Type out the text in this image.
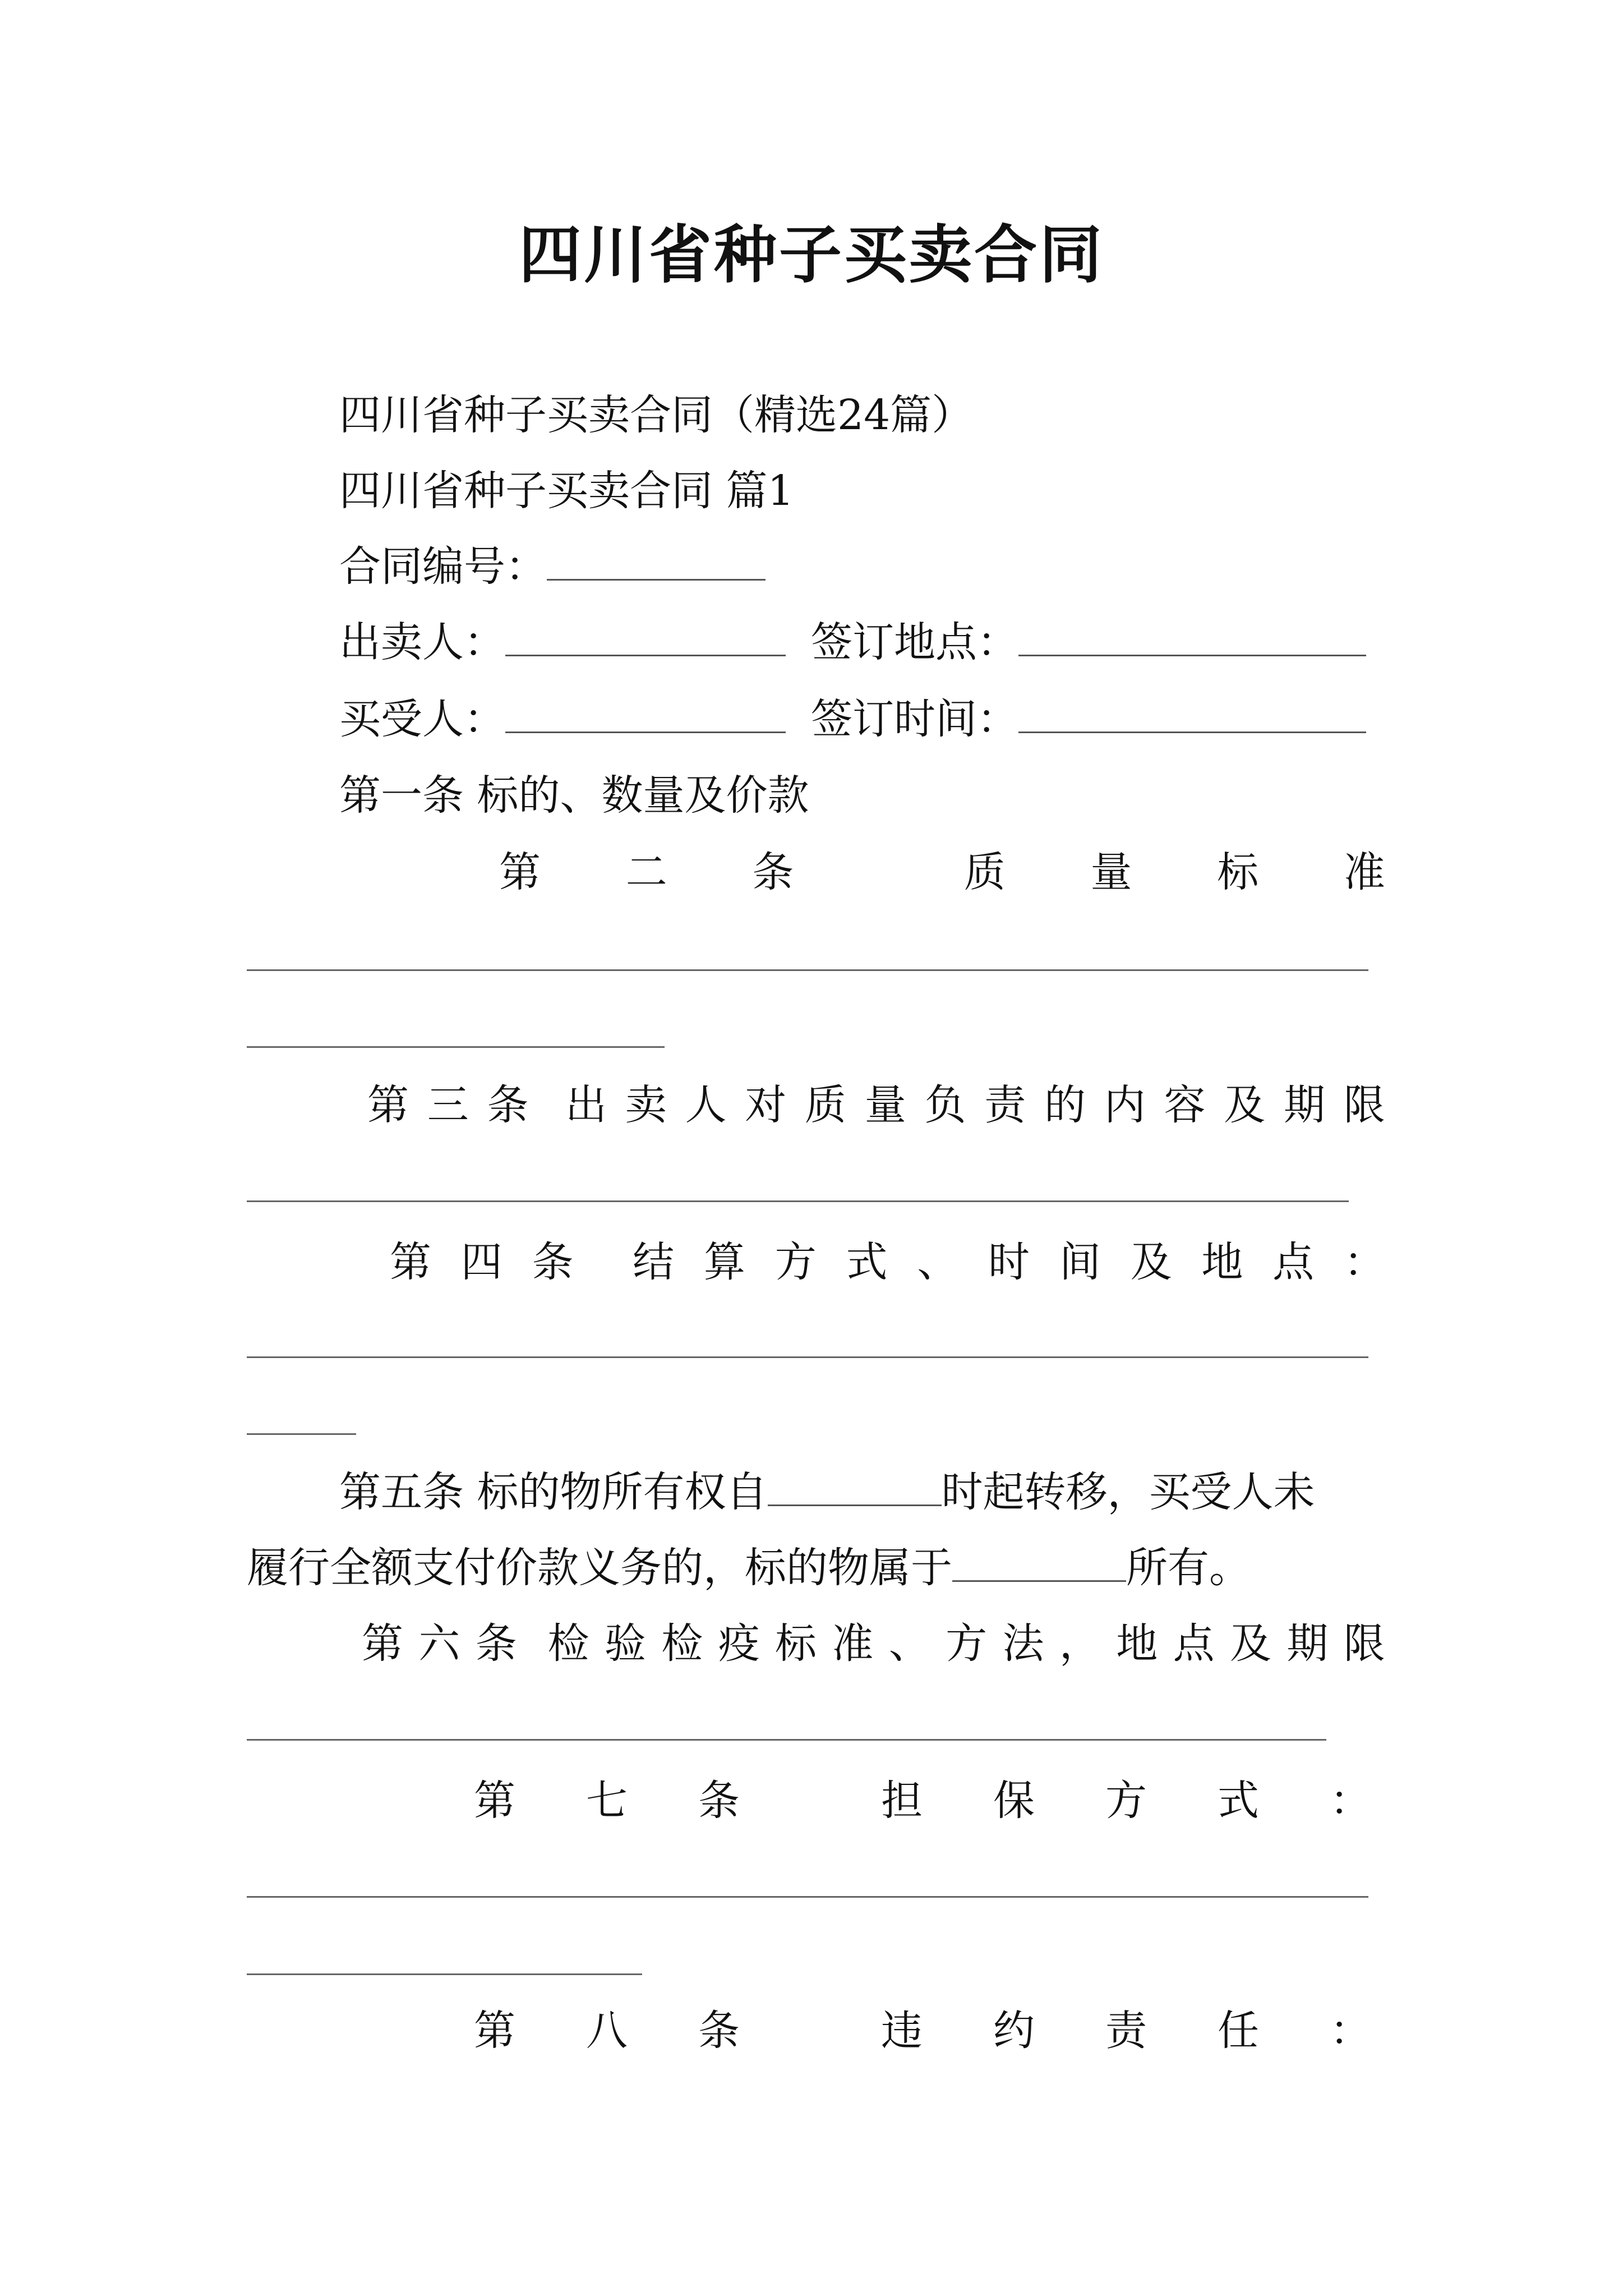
四川省种子买卖合同
四川省种子买卖合同（精选24篇）
四川省种子买卖合同 篇1
合同编号：
出卖人：	签订地点：
买受人：	签订时间：
第一条 标的、数量及价款
第 二 条	质 量 标 准
第 三 条 出 卖 人 对 质 量 负 责 的 内 容 及 期 限
第 四 条 结 算 方 式 、 时 间 及 地 点 ：
第五条 标的物所有权自	时起转移，买受人未
履行全额支付价款义务的，标的物属于	所有。
第 六 条 检 验 检 疫 标 准 、 方 法 ， 地 点 及 期 限
第 七 条	担 保 方 式 ：
第 八 条	违 约 责 任 ：
